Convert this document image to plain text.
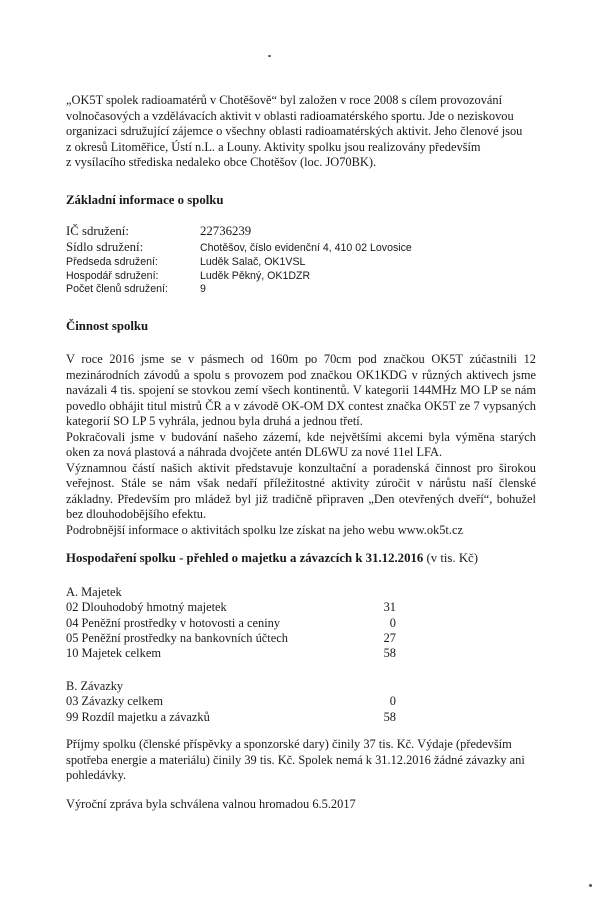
„OK5T spolek radioamatérů v Chotěšově“ byl založen v roce 2008 s cílem provozování

volnočasových a vzdělávacích aktivit v oblasti radioamatérského sportu. Jde o neziskovou

organizaci sdružující zájemce o všechny oblasti radioamatérských aktivit. Jeho členové jsou

z okresů Litoměřice, Ústí n.L. a Louny. Aktivity spolku jsou realizovány především

z vysílacího střediska nedaleko obce Chotěšov (loc. JO70BK).

Základní informace o spolku
IČ sdružení:	22736239
Sídlo sdružení:	Chotěšov, číslo evidenční 4, 410 02 Lovosice
Předseda sdružení:	Luděk Salač, OK1VSL
Hospodář sdružení:	Luděk Pěkný, OK1DZR
Počet členů sdružení:	9
Činnost spolku

V roce 2016 jsme se v pásmech od 160m po 70cm pod značkou OK5T zúčastnili 12 mezinárodních závodů a spolu s provozem pod značkou OK1KDG v různých aktivech jsme navázali 4 tis. spojení se stovkou zemí všech kontinentů. V kategorii 144MHz MO LP se nám povedlo obhájit titul mistrů ČR a v závodě OK-OM DX contest značka OK5T ze 7 vypsaných kategorií SO LP 5 vyhrála, jednou byla druhá a jednou třetí.

Pokračovali jsme v budování našeho zázemí, kde největšími akcemi byla výměna starých oken za nová plastová a náhrada dvojčete antén DL6WU za nové 11el LFA.

Významnou částí našich aktivit představuje konzultační a poradenská činnost pro širokou veřejnost. Stále se nám však nedaří příležitostné aktivity zúročit v nárůstu naší členské základny. Především pro mládež byl již tradičně připraven „Den otevřených dveří“, bohužel bez dlouhodobějšího efektu.

Podrobnější informace o aktivitách spolku lze získat na jeho webu www.ok5t.cz

Hospodaření spolku - přehled o majetku a závazcích k 31.12.2016 (v tis. Kč)
A. Majetek
02 Dlouhodobý hmotný majetek	31
04 Peněžní prostředky v hotovosti a ceniny	0
05 Peněžní prostředky na bankovních účtech	27
10 Majetek celkem	58
B. Závazky
03 Závazky celkem	0
99 Rozdíl majetku a závazků	58
Příjmy spolku (členské příspěvky a sponzorské dary) činily 37 tis. Kč. Výdaje (především spotřeba energie a materiálu) činily 39 tis. Kč. Spolek nemá k 31.12.2016 žádné závazky ani pohledávky.
Výroční zpráva byla schválena valnou hromadou 6.5.2017
